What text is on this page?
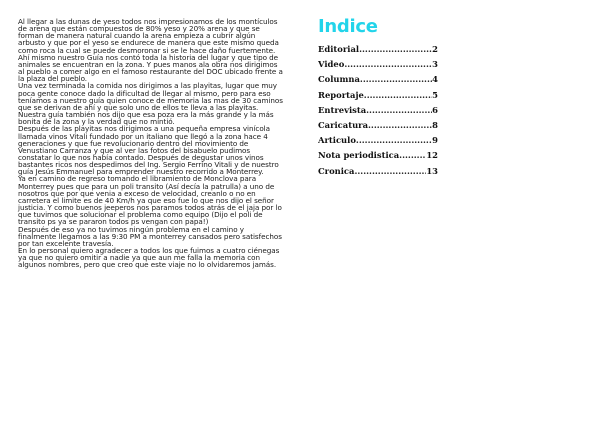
Al llegar a las dunas de yeso todos nos impresionamos de los montículos de arena que están compuestos de 80% yeso y 20% arena y que se forman de manera natural cuando la arena empieza a cubrir algún arbusto y que por el yeso se endurece de manera que este mismo queda como roca la cual se puede desmoronar si se le hace daño fuertemente.

Ahí mismo nuestro Guía nos contó toda la historia del lugar y que tipo de animales se encuentran en la zona. Y pues manos ala obra nos dirigimos al pueblo a comer algo en el famoso restaurante del DOC ubicado frente a la plaza del pueblo.

Una vez terminada la comida nos dirigimos a las playitas, lugar que muy poca gente conoce dado la dificultad de llegar al mismo, pero para eso teníamos a nuestro guía quien conoce de memoria las mas de 30 caminos que se derivan de ahí y que solo uno de ellos te lleva a las playitas. Nuestra guía también nos dijo que esa poza era la más grande y la más bonita de la zona y la verdad que no mintió.

Después de las playitas nos dirigimos a una pequeña empresa vinícola llamada vinos Vitali fundado por un italiano que llegó a la zona hace 4 generaciones y que fue revolucionario dentro del movimiento de Venustiano Carranza y que al ver las fotos del bisabuelo pudimos constatar lo que nos había contado. Después de degustar unos vinos bastantes ricos nos despedimos del Ing. Sergio Ferrino Vitali y de nuestro guía Jesús Emmanuel para emprender nuestro recorrido a Monterrey.

Ya en camino de regreso tomando el libramiento de Monclova para Monterrey pues que para un poli transito (Así decía la patrulla) a uno de nosotros que por que venia a exceso de velocidad, creanlo o no en carretera el limite es de 40 Km/h ya que eso fue lo que nos dijo el señor justicia. Y como buenos jeeperos nos paramos todos atrás de el jaja por lo que tuvimos que solucionar el problema como equipo (Dijo el poli de transito ps ya se pararon todos ps vengan con papa!)

Después de eso ya no tuvimos ningún problema en el camino y finalmente llegamos a las 9:30 PM a monterrey cansados pero satisfechos por tan excelente travesía.

En lo personal quiero agradecer a todos los que fuimos a cuatro ciénegas ya que no quiero omitir a nadie ya que aun me falla la memoria con algunos nombres, pero que creo que este viaje no lo olvidaremos jamás.

Indice
Editorial .....	2
Video .....	3
Columna .....	4
Reportaje .....	5
Entrevista .....	6
Caricatura .....	8
Articulo .....	9
Nota periodistica .....	12
Cronica .....	13
